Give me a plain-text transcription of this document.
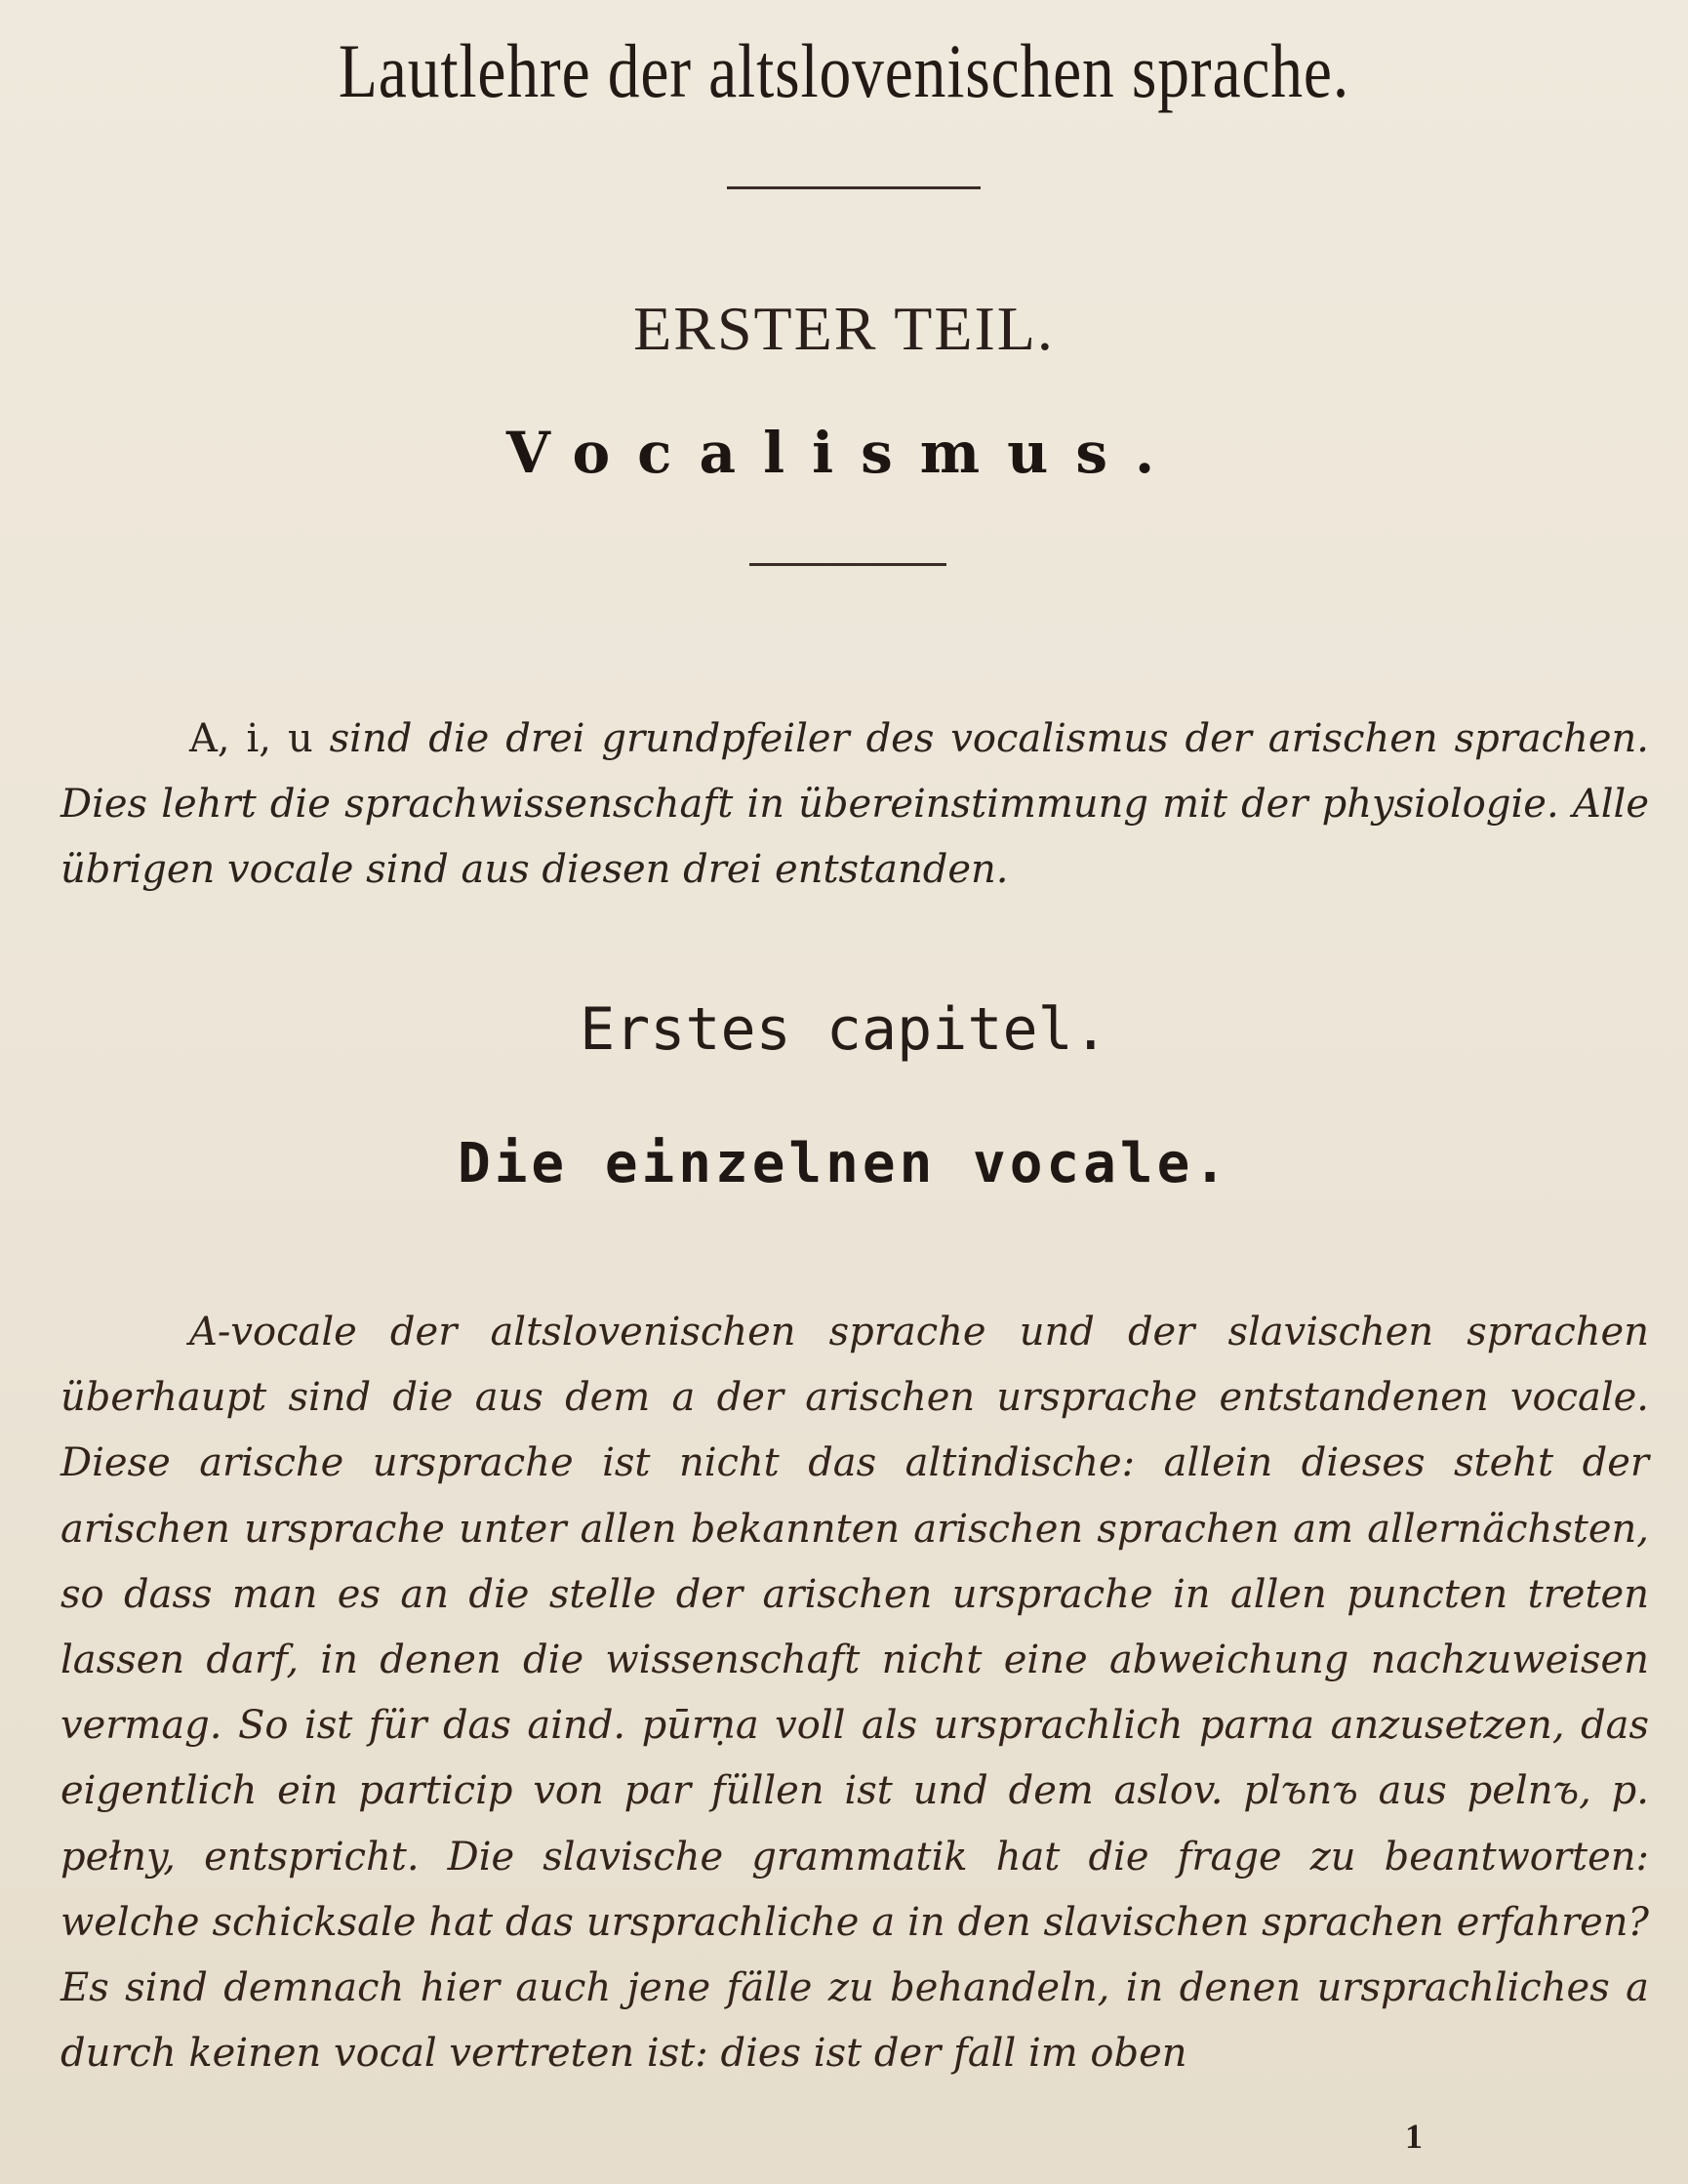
Lautlehre der altslovenischen sprache.
ERSTER TEIL.
Vocalismus.

A, i, u sind die drei grundpfeiler des vocalismus der arischen sprachen. Dies lehrt die sprachwissenschaft in übereinstimmung mit der physiologie. Alle übrigen vocale sind aus diesen drei entstanden.

Erstes capitel.
Die einzelnen vocale.

A-vocale der altslovenischen sprache und der slavischen sprachen überhaupt sind die aus dem a der arischen ursprache entstandenen vocale. Diese arische ursprache ist nicht das altindische: allein dieses steht der arischen ursprache unter allen bekannten arischen sprachen am allernächsten, so dass man es an die stelle der arischen ursprache in allen puncten treten lassen darf, in denen die wissenschaft nicht eine abweichung nachzuweisen vermag. So ist für das aind. pūrṇa voll als ursprachlich parna anzusetzen, das eigentlich ein particip von par füllen ist und dem aslov. plъnъ aus pelnъ, p. pełny, entspricht. Die slavische grammatik hat die frage zu beantworten: welche schicksale hat das ursprachliche a in den slavischen sprachen erfahren? Es sind demnach hier auch jene fälle zu behandeln, in denen ursprachliches a durch keinen vocal vertreten ist: dies ist der fall im oben

1
